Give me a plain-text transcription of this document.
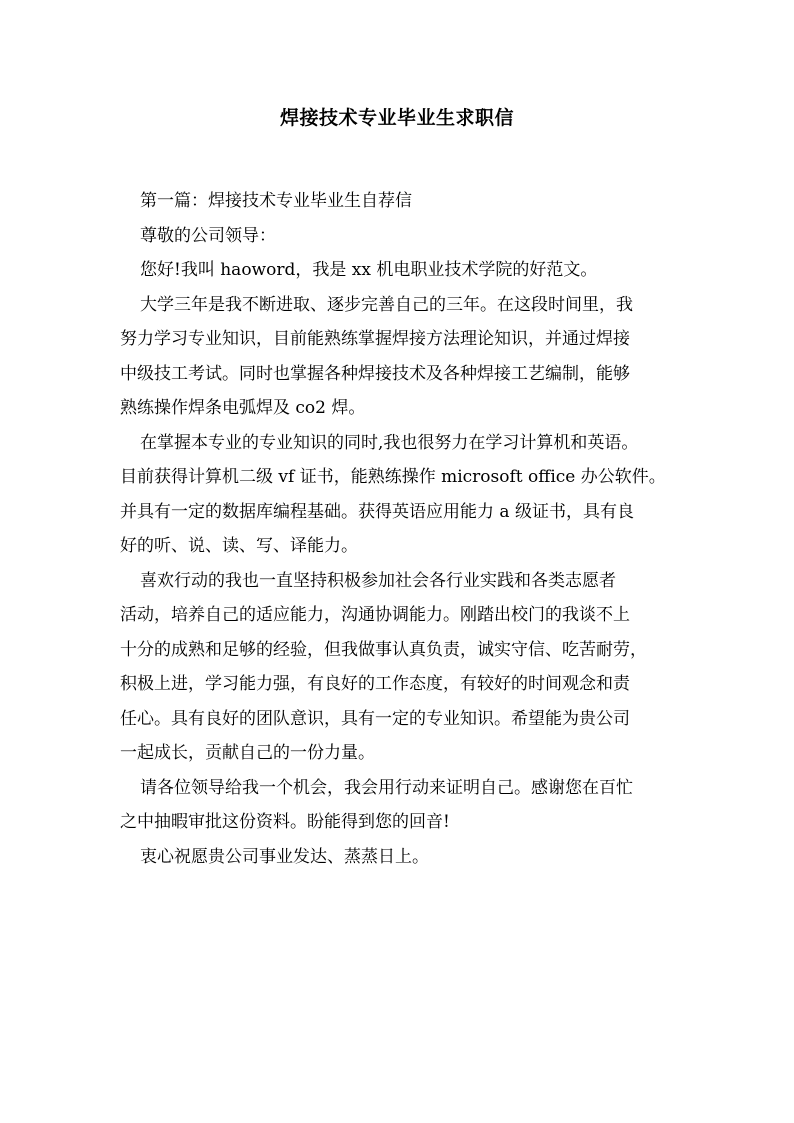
焊接技术专业毕业生求职信
第一篇：焊接技术专业毕业生自荐信
尊敬的公司领导：
您好!我叫 haoword，我是 xx 机电职业技术学院的好范文。
大学三年是我不断进取、逐步完善自己的三年。在这段时间里，我
努力学习专业知识，目前能熟练掌握焊接方法理论知识，并通过焊接
中级技工考试。同时也掌握各种焊接技术及各种焊接工艺编制，能够
熟练操作焊条电弧焊及 co2 焊。
在掌握本专业的专业知识的同时,我也很努力在学习计算机和英语。
目前获得计算机二级 vf 证书，能熟练操作 microsoft office 办公软件。
并具有一定的数据库编程基础。获得英语应用能力 a 级证书，具有良
好的听、说、读、写、译能力。
喜欢行动的我也一直坚持积极参加社会各行业实践和各类志愿者
活动，培养自己的适应能力，沟通协调能力。刚踏出校门的我谈不上
十分的成熟和足够的经验，但我做事认真负责，诚实守信、吃苦耐劳，
积极上进，学习能力强，有良好的工作态度，有较好的时间观念和责
任心。具有良好的团队意识，具有一定的专业知识。希望能为贵公司
一起成长，贡献自己的一份力量。
请各位领导给我一个机会，我会用行动来证明自己。感谢您在百忙
之中抽暇审批这份资料。盼能得到您的回音!
衷心祝愿贵公司事业发达、蒸蒸日上。
